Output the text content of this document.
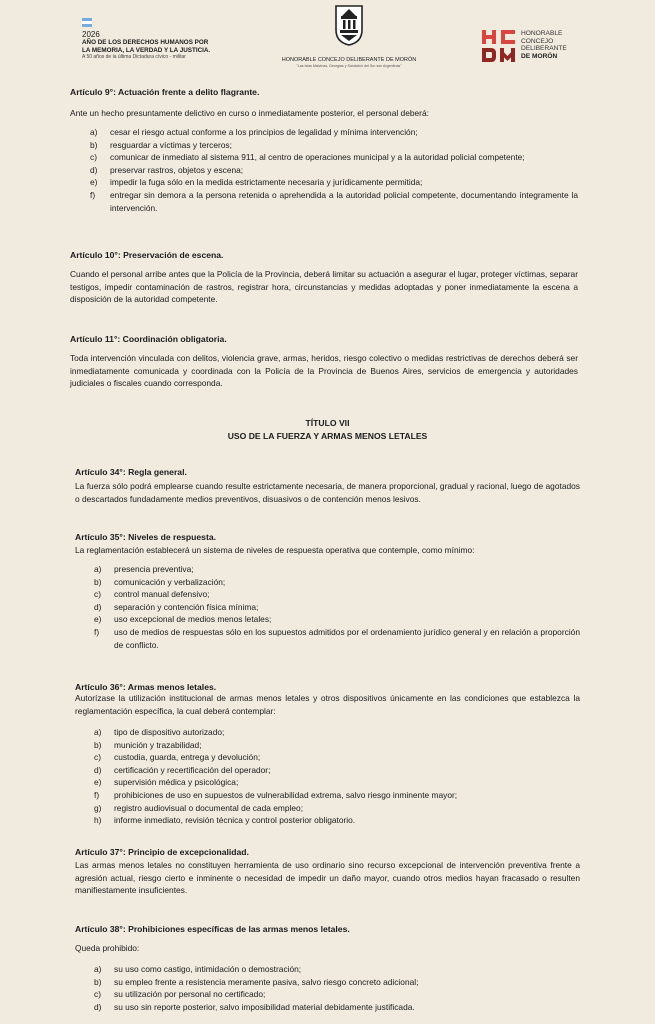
2026
AÑO DE LOS DERECHOS HUMANOS POR
LA MEMORIA, LA VERDAD Y LA JUSTICIA.
A 50 años de la última Dictadura cívico - militar	HONORABLE CONCEJO DELIBERANTE DE MORÓN
"Las Islas Malvinas, Georgias y Sandwich del Sur son Argentinas"
HONORABLE
CONCEJO
DELIBERANTE
DE MORÓN
Artículo 9°: Actuación frente a delito flagrante.
Ante un hecho presuntamente delictivo en curso o inmediatamente posterior, el personal deberá:
a)	cesar el riesgo actual conforme a los principios de legalidad y mínima intervención;
b)	resguardar a víctimas y terceros;
c)	comunicar de inmediato al sistema 911, al centro de operaciones municipal y a la autoridad policial competente;
d)	preservar rastros, objetos y escena;
e)	impedir la fuga sólo en la medida estrictamente necesaria y jurídicamente permitida;
f)	entregar sin demora a la persona retenida o aprehendida a la autoridad policial competente, documentando íntegramente la intervención.
Artículo 10°: Preservación de escena.
Cuando el personal arribe antes que la Policía de la Provincia, deberá limitar su actuación a asegurar el lugar, proteger víctimas, separar testigos, impedir contaminación de rastros, registrar hora, circunstancias y medidas adoptadas y poner inmediatamente la escena a disposición de la autoridad competente.
Artículo 11°: Coordinación obligatoria.
Toda intervención vinculada con delitos, violencia grave, armas, heridos, riesgo colectivo o medidas restrictivas de derechos deberá ser inmediatamente comunicada y coordinada con la Policía de la Provincia de Buenos Aires, servicios de emergencia y autoridades judiciales o fiscales cuando corresponda.
TÍTULO VII
USO DE LA FUERZA Y ARMAS MENOS LETALES
Artículo 34°: Regla general.
La fuerza sólo podrá emplearse cuando resulte estrictamente necesaria, de manera proporcional, gradual y racional, luego de agotados o descartados fundadamente medios preventivos, disuasivos o de contención menos lesivos.
Artículo 35°: Niveles de respuesta.
La reglamentación establecerá un sistema de niveles de respuesta operativa que contemple, como mínimo:
a)	presencia preventiva;
b)	comunicación y verbalización;
c)	control manual defensivo;
d)	separación y contención física mínima;
e)	uso excepcional de medios menos letales;
f)	uso de medios de respuestas sólo en los supuestos admitidos por el ordenamiento jurídico general y en relación a proporción de conflicto.
Artículo 36°: Armas menos letales.
Autorízase la utilización institucional de armas menos letales y otros dispositivos únicamente en las condiciones que establezca la reglamentación específica, la cual deberá contemplar:
a)	tipo de dispositivo autorizado;
b)	munición y trazabilidad;
c)	custodia, guarda, entrega y devolución;
d)	certificación y recertificación del operador;
e)	supervisión médica y psicológica;
f)	prohibiciones de uso en supuestos de vulnerabilidad extrema, salvo riesgo inminente mayor;
g)	registro audiovisual o documental de cada empleo;
h)	informe inmediato, revisión técnica y control posterior obligatorio.
Artículo 37°: Principio de excepcionalidad.
Las armas menos letales no constituyen herramienta de uso ordinario sino recurso excepcional de intervención preventiva frente a agresión actual, riesgo cierto e inminente o necesidad de impedir un daño mayor, cuando otros medios hayan fracasado o resulten manifiestamente insuficientes.
Artículo 38°: Prohibiciones específicas de las armas menos letales.
Queda prohibido:
a)	su uso como castigo, intimidación o demostración;
b)	su empleo frente a resistencia meramente pasiva, salvo riesgo concreto adicional;
c)	su utilización por personal no certificado;
d)	su uso sin reporte posterior, salvo imposibilidad material debidamente justificada.
